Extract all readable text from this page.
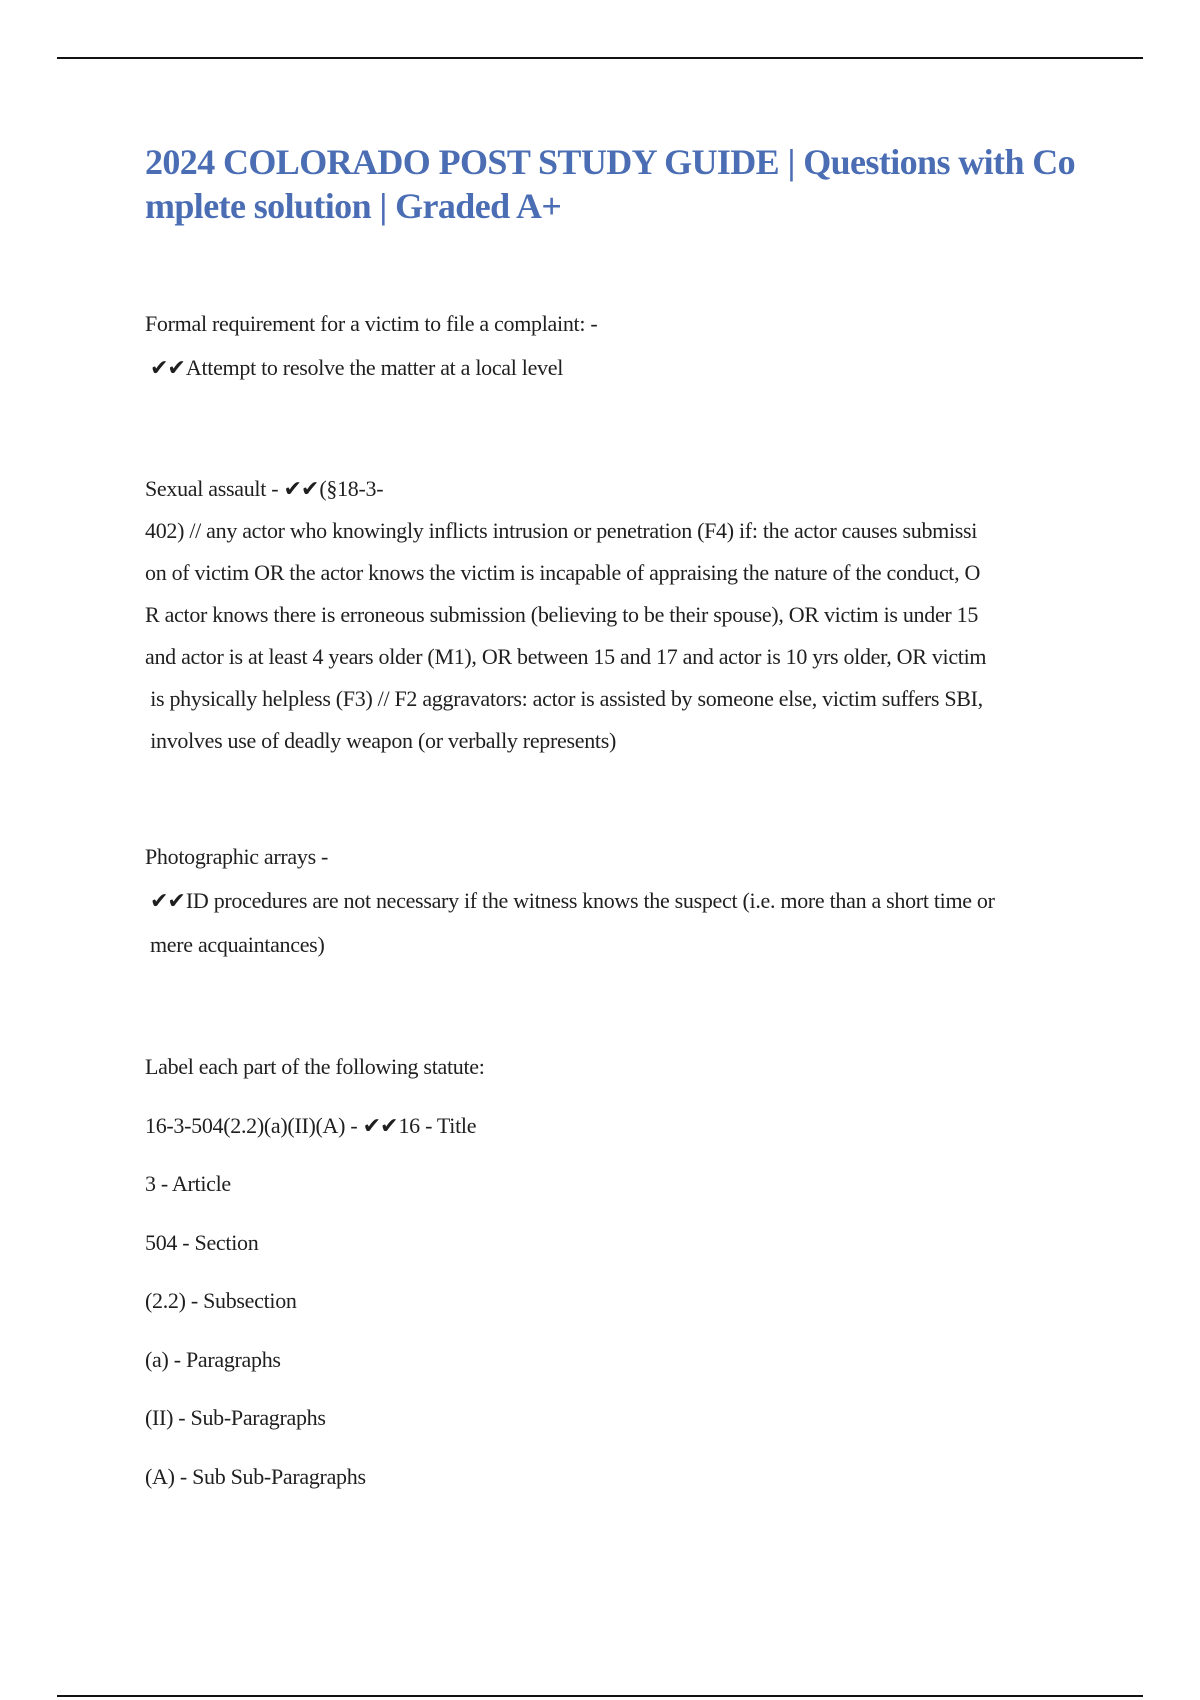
2024 COLORADO POST STUDY GUIDE | Questions with Complete solution | Graded A+
Formal requirement for a victim to file a complaint: -
✔✔Attempt to resolve the matter at a local level
Sexual assault - ✔✔(§18-3-
402) // any actor who knowingly inflicts intrusion or penetration (F4) if: the actor causes submissi
on of victim OR the actor knows the victim is incapable of appraising the nature of the conduct, O
R actor knows there is erroneous submission (believing to be their spouse), OR victim is under 15
and actor is at least 4 years older (M1), OR between 15 and 17 and actor is 10 yrs older, OR victim
is physically helpless (F3) // F2 aggravators: actor is assisted by someone else, victim suffers SBI,
involves use of deadly weapon (or verbally represents)
Photographic arrays -
✔✔ID procedures are not necessary if the witness knows the suspect (i.e. more than a short time or
mere acquaintances)
Label each part of the following statute:
16-3-504(2.2)(a)(II)(A) - ✔✔16 - Title
3 - Article
504 - Section
(2.2) - Subsection
(a) - Paragraphs
(II) - Sub-Paragraphs
(A) - Sub Sub-Paragraphs
